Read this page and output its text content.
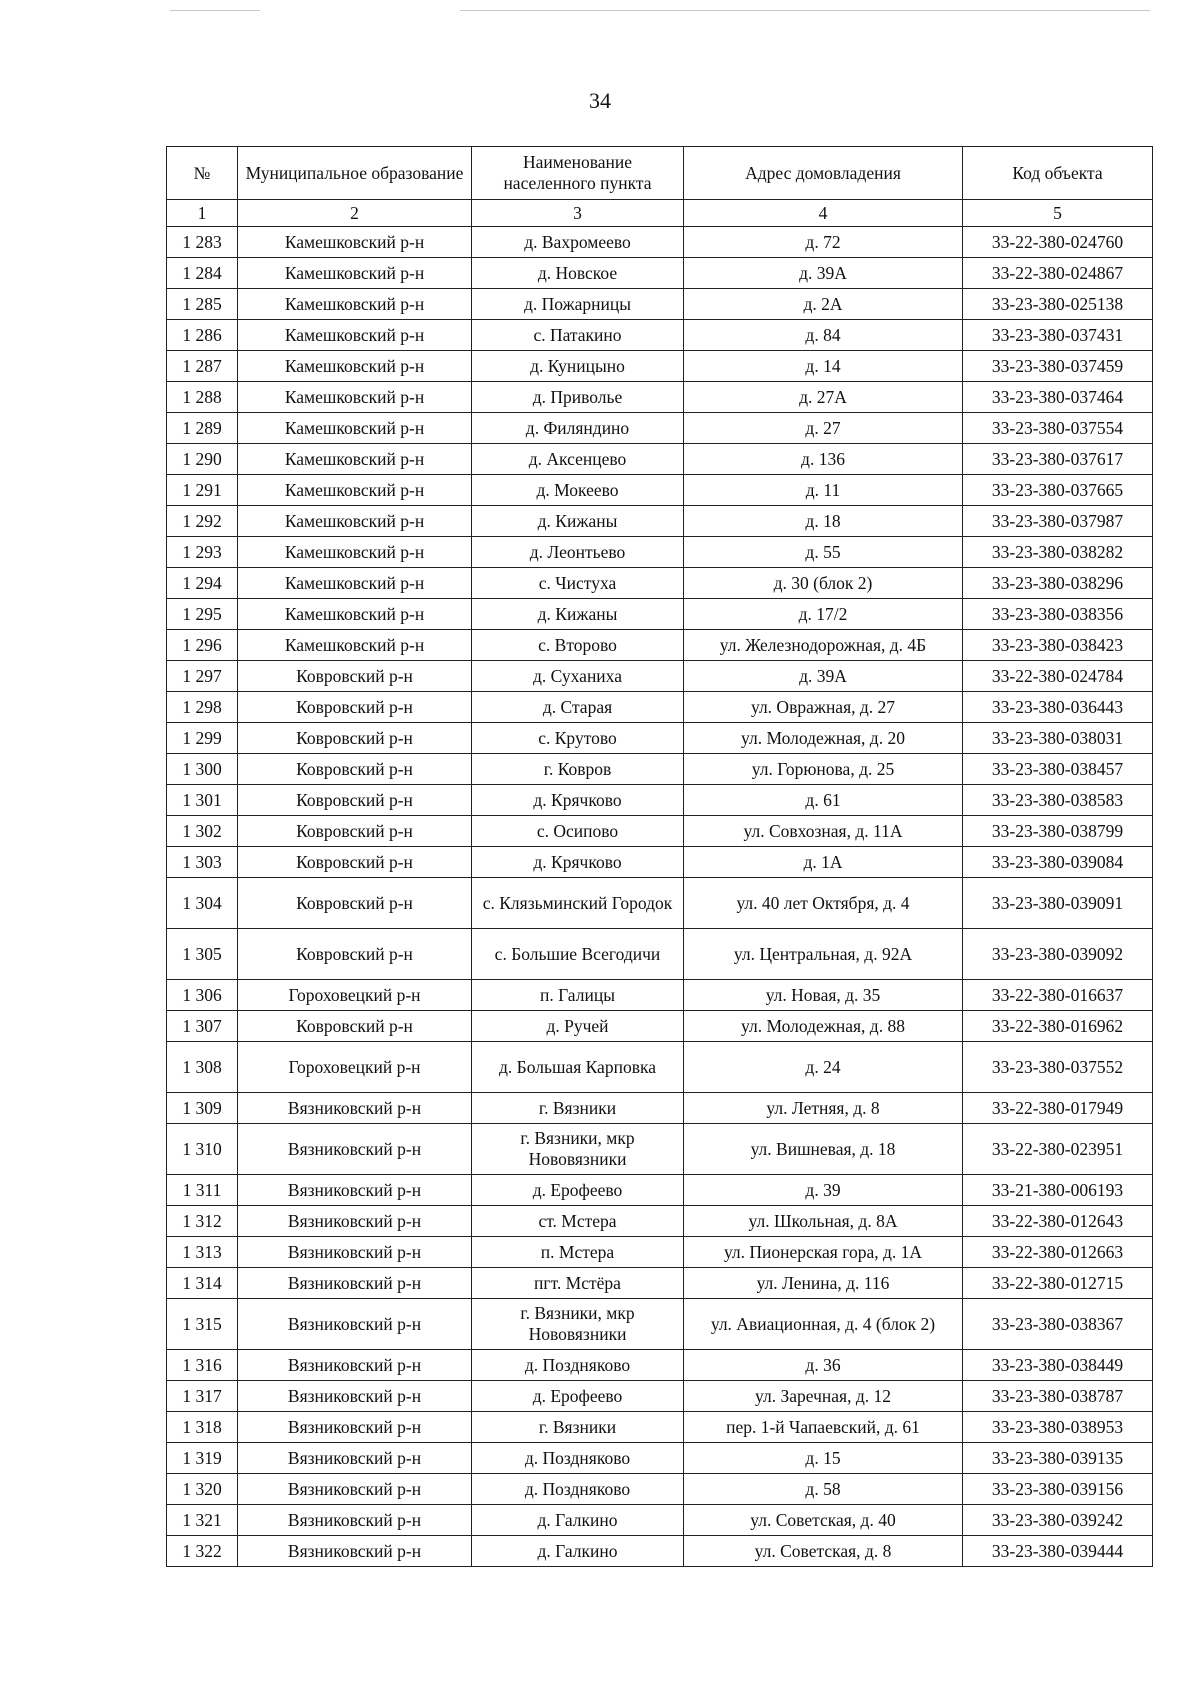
34
№	Муниципальное образование	Наименование населенного пункта	Адрес домовладения	Код объекта
1	2	3	4	5
1 283	Камешковский р-н	д. Вахромеево	д. 72	33-22-380-024760
1 284	Камешковский р-н	д. Новское	д. 39А	33-22-380-024867
1 285	Камешковский р-н	д. Пожарницы	д. 2А	33-23-380-025138
1 286	Камешковский р-н	с. Патакино	д. 84	33-23-380-037431
1 287	Камешковский р-н	д. Куницыно	д. 14	33-23-380-037459
1 288	Камешковский р-н	д. Приволье	д. 27А	33-23-380-037464
1 289	Камешковский р-н	д. Филяндино	д. 27	33-23-380-037554
1 290	Камешковский р-н	д. Аксенцево	д. 136	33-23-380-037617
1 291	Камешковский р-н	д. Мокеево	д. 11	33-23-380-037665
1 292	Камешковский р-н	д. Кижаны	д. 18	33-23-380-037987
1 293	Камешковский р-н	д. Леонтьево	д. 55	33-23-380-038282
1 294	Камешковский р-н	с. Чистуха	д. 30 (блок 2)	33-23-380-038296
1 295	Камешковский р-н	д. Кижаны	д. 17/2	33-23-380-038356
1 296	Камешковский р-н	с. Второво	ул. Железнодорожная, д. 4Б	33-23-380-038423
1 297	Ковровский р-н	д. Суханиха	д. 39А	33-22-380-024784
1 298	Ковровский р-н	д. Старая	ул. Овражная, д. 27	33-23-380-036443
1 299	Ковровский р-н	с. Крутово	ул. Молодежная, д. 20	33-23-380-038031
1 300	Ковровский р-н	г. Ковров	ул. Горюнова, д. 25	33-23-380-038457
1 301	Ковровский р-н	д. Крячково	д. 61	33-23-380-038583
1 302	Ковровский р-н	с. Осипово	ул. Совхозная, д. 11А	33-23-380-038799
1 303	Ковровский р-н	д. Крячково	д. 1А	33-23-380-039084
1 304	Ковровский р-н	с. Клязьминский Городок	ул. 40 лет Октября, д. 4	33-23-380-039091
1 305	Ковровский р-н	с. Большие Всегодичи	ул. Центральная, д. 92А	33-23-380-039092
1 306	Гороховецкий р-н	п. Галицы	ул. Новая, д. 35	33-22-380-016637
1 307	Ковровский р-н	д. Ручей	ул. Молодежная, д. 88	33-22-380-016962
1 308	Гороховецкий р-н	д. Большая Карповка	д. 24	33-23-380-037552
1 309	Вязниковский р-н	г. Вязники	ул. Летняя, д. 8	33-22-380-017949
1 310	Вязниковский р-н	г. Вязники, мкр Нововязники	ул. Вишневая, д. 18	33-22-380-023951
1 311	Вязниковский р-н	д. Ерофеево	д. 39	33-21-380-006193
1 312	Вязниковский р-н	ст. Мстера	ул. Школьная, д. 8А	33-22-380-012643
1 313	Вязниковский р-н	п. Мстера	ул. Пионерская гора, д. 1А	33-22-380-012663
1 314	Вязниковский р-н	пгт. Мстёра	ул. Ленина, д. 116	33-22-380-012715
1 315	Вязниковский р-н	г. Вязники, мкр Нововязники	ул. Авиационная, д. 4 (блок 2)	33-23-380-038367
1 316	Вязниковский р-н	д. Поздняково	д. 36	33-23-380-038449
1 317	Вязниковский р-н	д. Ерофеево	ул. Заречная, д. 12	33-23-380-038787
1 318	Вязниковский р-н	г. Вязники	пер. 1-й Чапаевский, д. 61	33-23-380-038953
1 319	Вязниковский р-н	д. Поздняково	д. 15	33-23-380-039135
1 320	Вязниковский р-н	д. Поздняково	д. 58	33-23-380-039156
1 321	Вязниковский р-н	д. Галкино	ул. Советская, д. 40	33-23-380-039242
1 322	Вязниковский р-н	д. Галкино	ул. Советская, д. 8	33-23-380-039444
